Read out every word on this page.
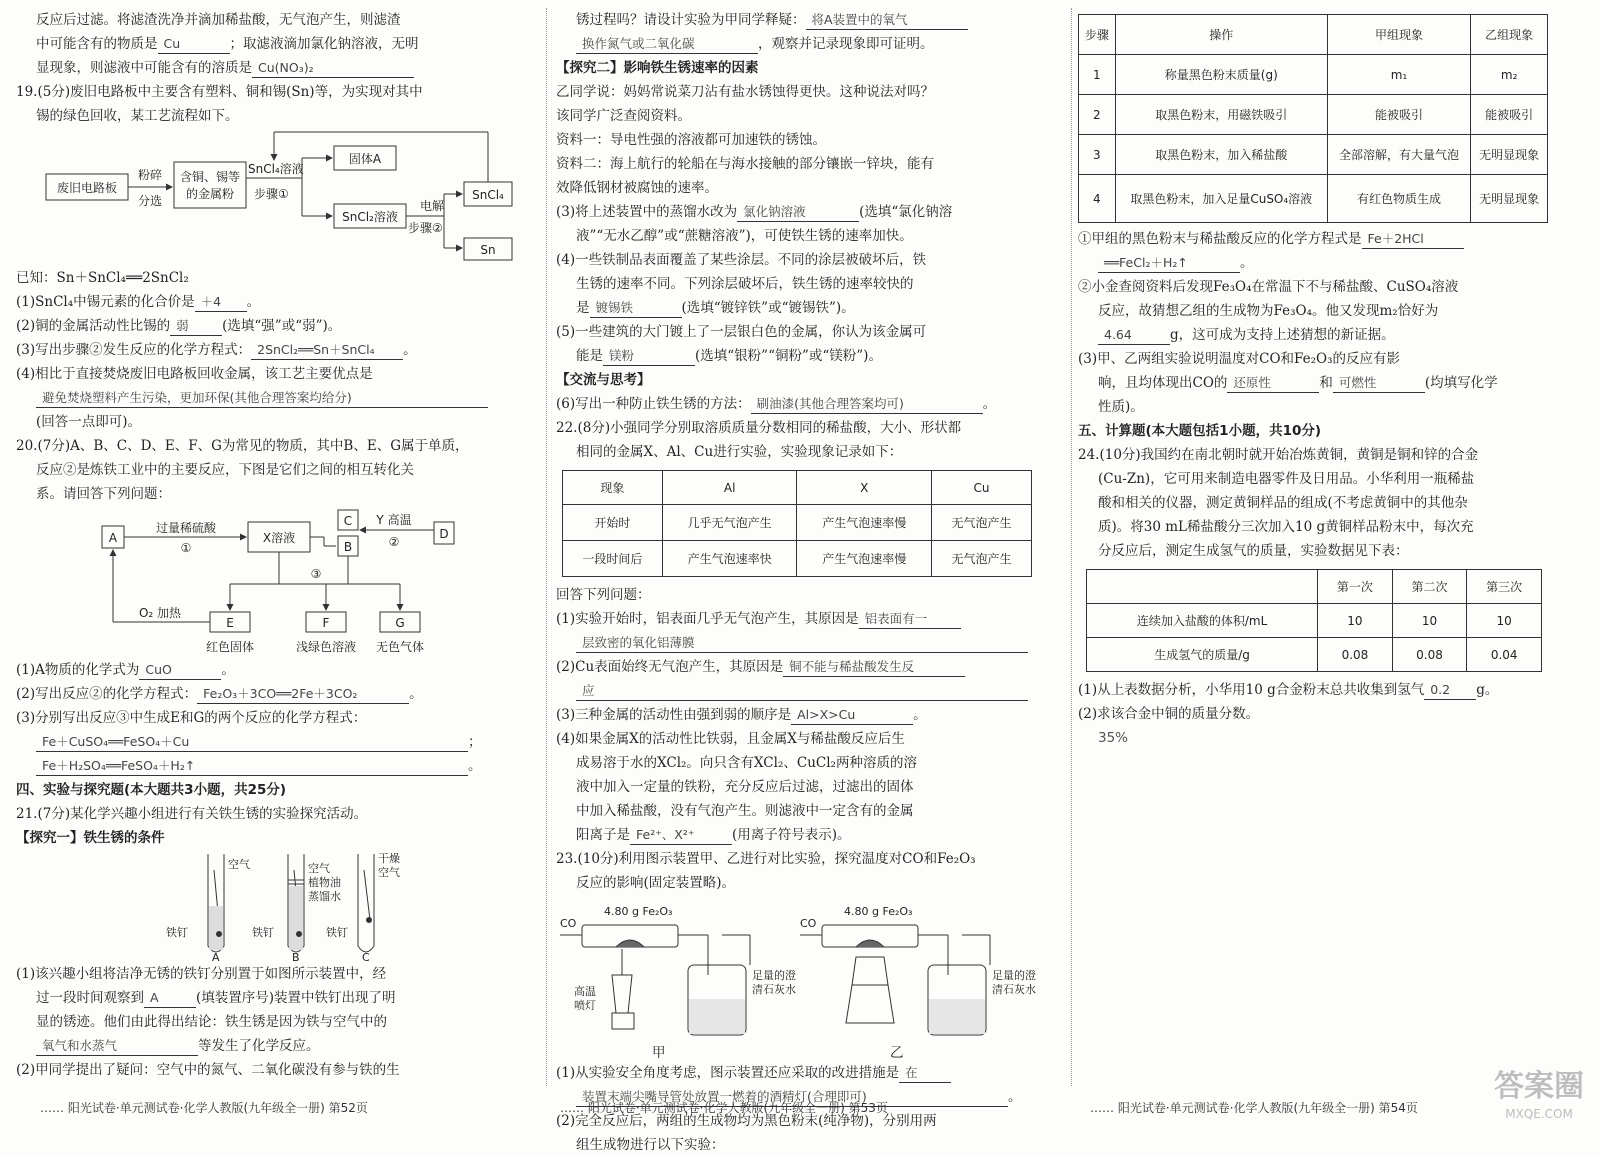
反应后过滤。将滤渣洗净并滴加稀盐酸，无气泡产生，则滤渣
中可能含有的物质是 Cu	；取滤液滴加氯化钠溶液，无明
显现象，则滤液中可能含有的溶质是 Cu(NO₃)₂
19.(5分)废旧电路板中主要含有塑料、铜和锡(Sn)等，为实现对其中
锡的绿色回收，某工艺流程如下。
废旧电路板
粉碎
分选
含铜、锡等
的金属粉
SnCl₄溶液
步骤①
固体A
SnCl₂溶液
电解
步骤②
SnCl₄
Sn
已知：Sn＋SnCl₄══2SnCl₂
(1)SnCl₄中锡元素的化合价是 ＋4 。
(2)铜的金属活动性比锡的 弱 (选填“强”或“弱”)。
(3)写出步骤②发生反应的化学方程式： 2SnCl₂══Sn＋SnCl₄ 。
(4)相比于直接焚烧废旧电路板回收金属，该工艺主要优点是
避免焚烧塑料产生污染，更加环保(其他合理答案均给分)
(回答一点即可)。
20.(7分)A、B、C、D、E、F、G为常见的物质，其中B、E、G属于单质，
反应②是炼铁工业中的主要反应，下图是它们之间的相互转化关
系。请回答下列问题：
A	X溶液
C
B
D
E	F	G
过量稀硫酸
①
Y 高温
②
③
O₂ 加热
红色固体	浅绿色溶液 无色气体
(1)A物质的化学式为 CuO	。
(2)写出反应②的化学方程式： Fe₂O₃＋3CO══2Fe＋3CO₂	。
(3)分别写出反应③中生成E和G的两个反应的化学方程式：
Fe＋CuSO₄══FeSO₄＋Cu	；
Fe＋H₂SO₄══FeSO₄＋H₂↑	。
四、实验与探究题(本大题共3小题，共25分)
21.(7分)某化学兴趣小组进行有关铁生锈的实验探究活动。
【探究一】铁生锈的条件
空气	空气
植物油
蒸馏水
干燥
空气
铁钉	铁钉	铁钉
A	B	C
(1)该兴趣小组将洁净无锈的铁钉分别置于如图所示装置中，经
过一段时间观察到 A	(填装置序号)装置中铁钉出现了明
显的锈迹。他们由此得出结论：铁生锈是因为铁与空气中的
氧气和水蒸气	等发生了化学反应。
(2)甲同学提出了疑问：空气中的氮气、二氧化碳没有参与铁的生
…… 阳光试卷·单元测试卷·化学人教版(九年级全一册) 第52页
锈过程吗？请设计实验为甲同学释疑： 将A装置中的氧气
换作氮气或二氧化碳	，观察并记录现象即可证明。
【探究二】影响铁生锈速率的因素
乙同学说：妈妈常说菜刀沾有盐水锈蚀得更快。这种说法对吗？
该同学广泛查阅资料。
资料一：导电性强的溶液都可加速铁的锈蚀。
资料二：海上航行的轮船在与海水接触的部分镶嵌一锌块，能有
效降低钢材被腐蚀的速率。
(3)将上述装置中的蒸馏水改为 氯化钠溶液	(选填“氯化钠溶
液”“无水乙醇”或“蔗糖溶液”)，可使铁生锈的速率加快。
(4)一些铁制品表面覆盖了某些涂层。不同的涂层被破坏后，铁
生锈的速率不同。下列涂层破坏后，铁生锈的速率较快的
是 镀锡铁	(选填“镀锌铁”或“镀锡铁”)。
(5)一些建筑的大门镀上了一层银白色的金属，你认为该金属可
能是 镁粉	(选填“银粉”“铜粉”或“镁粉”)。
【交流与思考】
(6)写出一种防止铁生锈的方法： 刷油漆(其他合理答案均可)	。
22.(8分)小强同学分别取溶质质量分数相同的稀盐酸，大小、形状都
相同的金属X、Al、Cu进行实验，实验现象记录如下：
现象	Al	X	Cu
开始时	几乎无气泡产生	产生气泡速率慢	无气泡产生
一段时间后	产生气泡速率快	产生气泡速率慢	无气泡产生
回答下列问题：
(1)实验开始时，铝表面几乎无气泡产生，其原因是 铝表面有一
层致密的氧化铝薄膜
(2)Cu表面始终无气泡产生，其原因是 铜不能与稀盐酸发生反
应
(3)三种金属的活动性由强到弱的顺序是 Al>X>Cu	。
(4)如果金属X的活动性比铁弱，且金属X与稀盐酸反应后生
成易溶于水的XCl₂。向只含有XCl₂、CuCl₂两种溶质的溶
液中加入一定量的铁粉，充分反应后过滤，过滤出的固体
中加入稀盐酸，没有气泡产生。则滤液中一定含有的金属
阳离子是 Fe²⁺、X²⁺	(用离子符号表示)。
23.(10分)利用图示装置甲、乙进行对比实验，探究温度对CO和Fe₂O₃
反应的影响(固定装置略)。
CO	CO
4.80 g Fe₂O₃	4.80 g Fe₂O₃
足量的澄
清石灰水
足量的澄
清石灰水
高温
喷灯
甲	乙
(1)从实验安全角度考虑，图示装置还应采取的改进措施是 在
装置末端尖嘴导管处放置一燃着的酒精灯(合理即可)	。
(2)完全反应后，两组的生成物均为黑色粉末(纯净物)，分别用两
组生成物进行以下实验：
…… 阳光试卷·单元测试卷·化学人教版(九年级全一册) 第53页
步骤	操作	甲组现象	乙组现象
1	称量黑色粉末质量(g)	m₁	m₂
2	取黑色粉末，用磁铁吸引	能被吸引	能被吸引
3	取黑色粉末，加入稀盐酸	全部溶解，有大量气泡	无明显现象
4	取黑色粉末，加入足量CuSO₄溶液	有红色物质生成	无明显现象
①甲组的黑色粉末与稀盐酸反应的化学方程式是 Fe＋2HCl
══FeCl₂＋H₂↑	。
②小金查阅资料后发现Fe₃O₄在常温下不与稀盐酸、CuSO₄溶液
反应，故猜想乙组的生成物为Fe₃O₄。他又发现m₂恰好为
4.64	g，这可成为支持上述猜想的新证据。
(3)甲、乙两组实验说明温度对CO和Fe₂O₃的反应有影
响，且均体现出CO的 还原性	和 可燃性	(均填写化学
性质)。
五、计算题(本大题包括1小题，共10分)
24.(10分)我国约在南北朝时就开始冶炼黄铜，黄铜是铜和锌的合金
(Cu-Zn)，它可用来制造电器零件及日用品。小华利用一瓶稀盐
酸和相关的仪器，测定黄铜样品的组成(不考虑黄铜中的其他杂
质)。将30 mL稀盐酸分三次加入10 g黄铜样品粉末中，每次充
分反应后，测定生成氢气的质量，实验数据见下表：
	第一次	第二次	第三次
连续加入盐酸的体积/mL	10	10	10
生成氢气的质量/g	0.08	0.08	0.04
(1)从上表数据分析，小华用10 g合金粉末总共收集到氢气 0.2 g。
(2)求该合金中铜的质量分数。
35%
…… 阳光试卷·单元测试卷·化学人教版(九年级全一册) 第54页
答案圈
MXQE.COM
